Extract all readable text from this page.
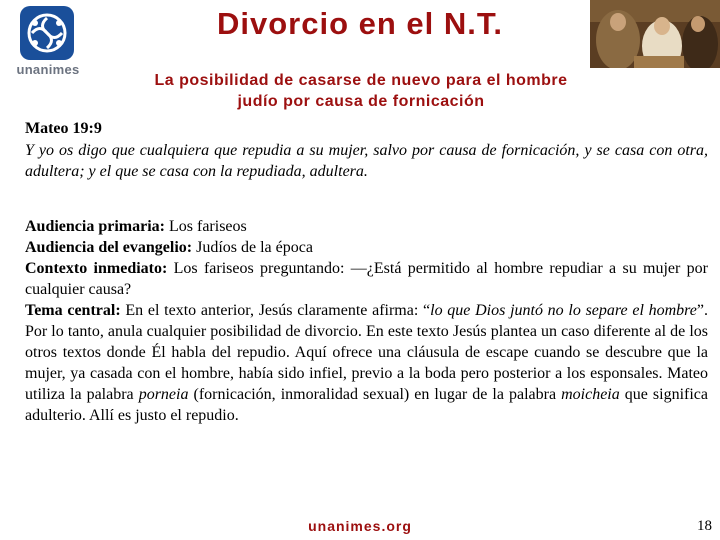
unanimes
Divorcio en el N.T.
La posibilidad de casarse de nuevo para el hombre
judío por causa de fornicación
Mateo 19:9
Y yo os digo que cualquiera que repudia a su mujer, salvo por causa de fornicación, y se casa con otra, adultera; y el que se casa con la repudiada, adultera.
Audiencia primaria: Los fariseos
Audiencia del evangelio: Judíos de la época
Contexto inmediato: Los fariseos preguntando: ―¿Está permitido al hombre repudiar a su mujer por cualquier causa?
Tema central: En el texto anterior, Jesús claramente afirma: “lo que Dios juntó no lo separe el hombre”. Por lo tanto, anula cualquier posibilidad de divorcio. En este texto Jesús plantea un caso diferente al de los otros textos donde Él habla del repudio. Aquí ofrece una cláusula de escape cuando se descubre que la mujer, ya casada con el hombre, había sido infiel, previo a la boda pero posterior a los esponsales. Mateo utiliza la palabra porneia (fornicación, inmoralidad sexual) en lugar de la palabra moicheia que significa adulterio. Allí es justo el repudio.
unanimes.org	18
